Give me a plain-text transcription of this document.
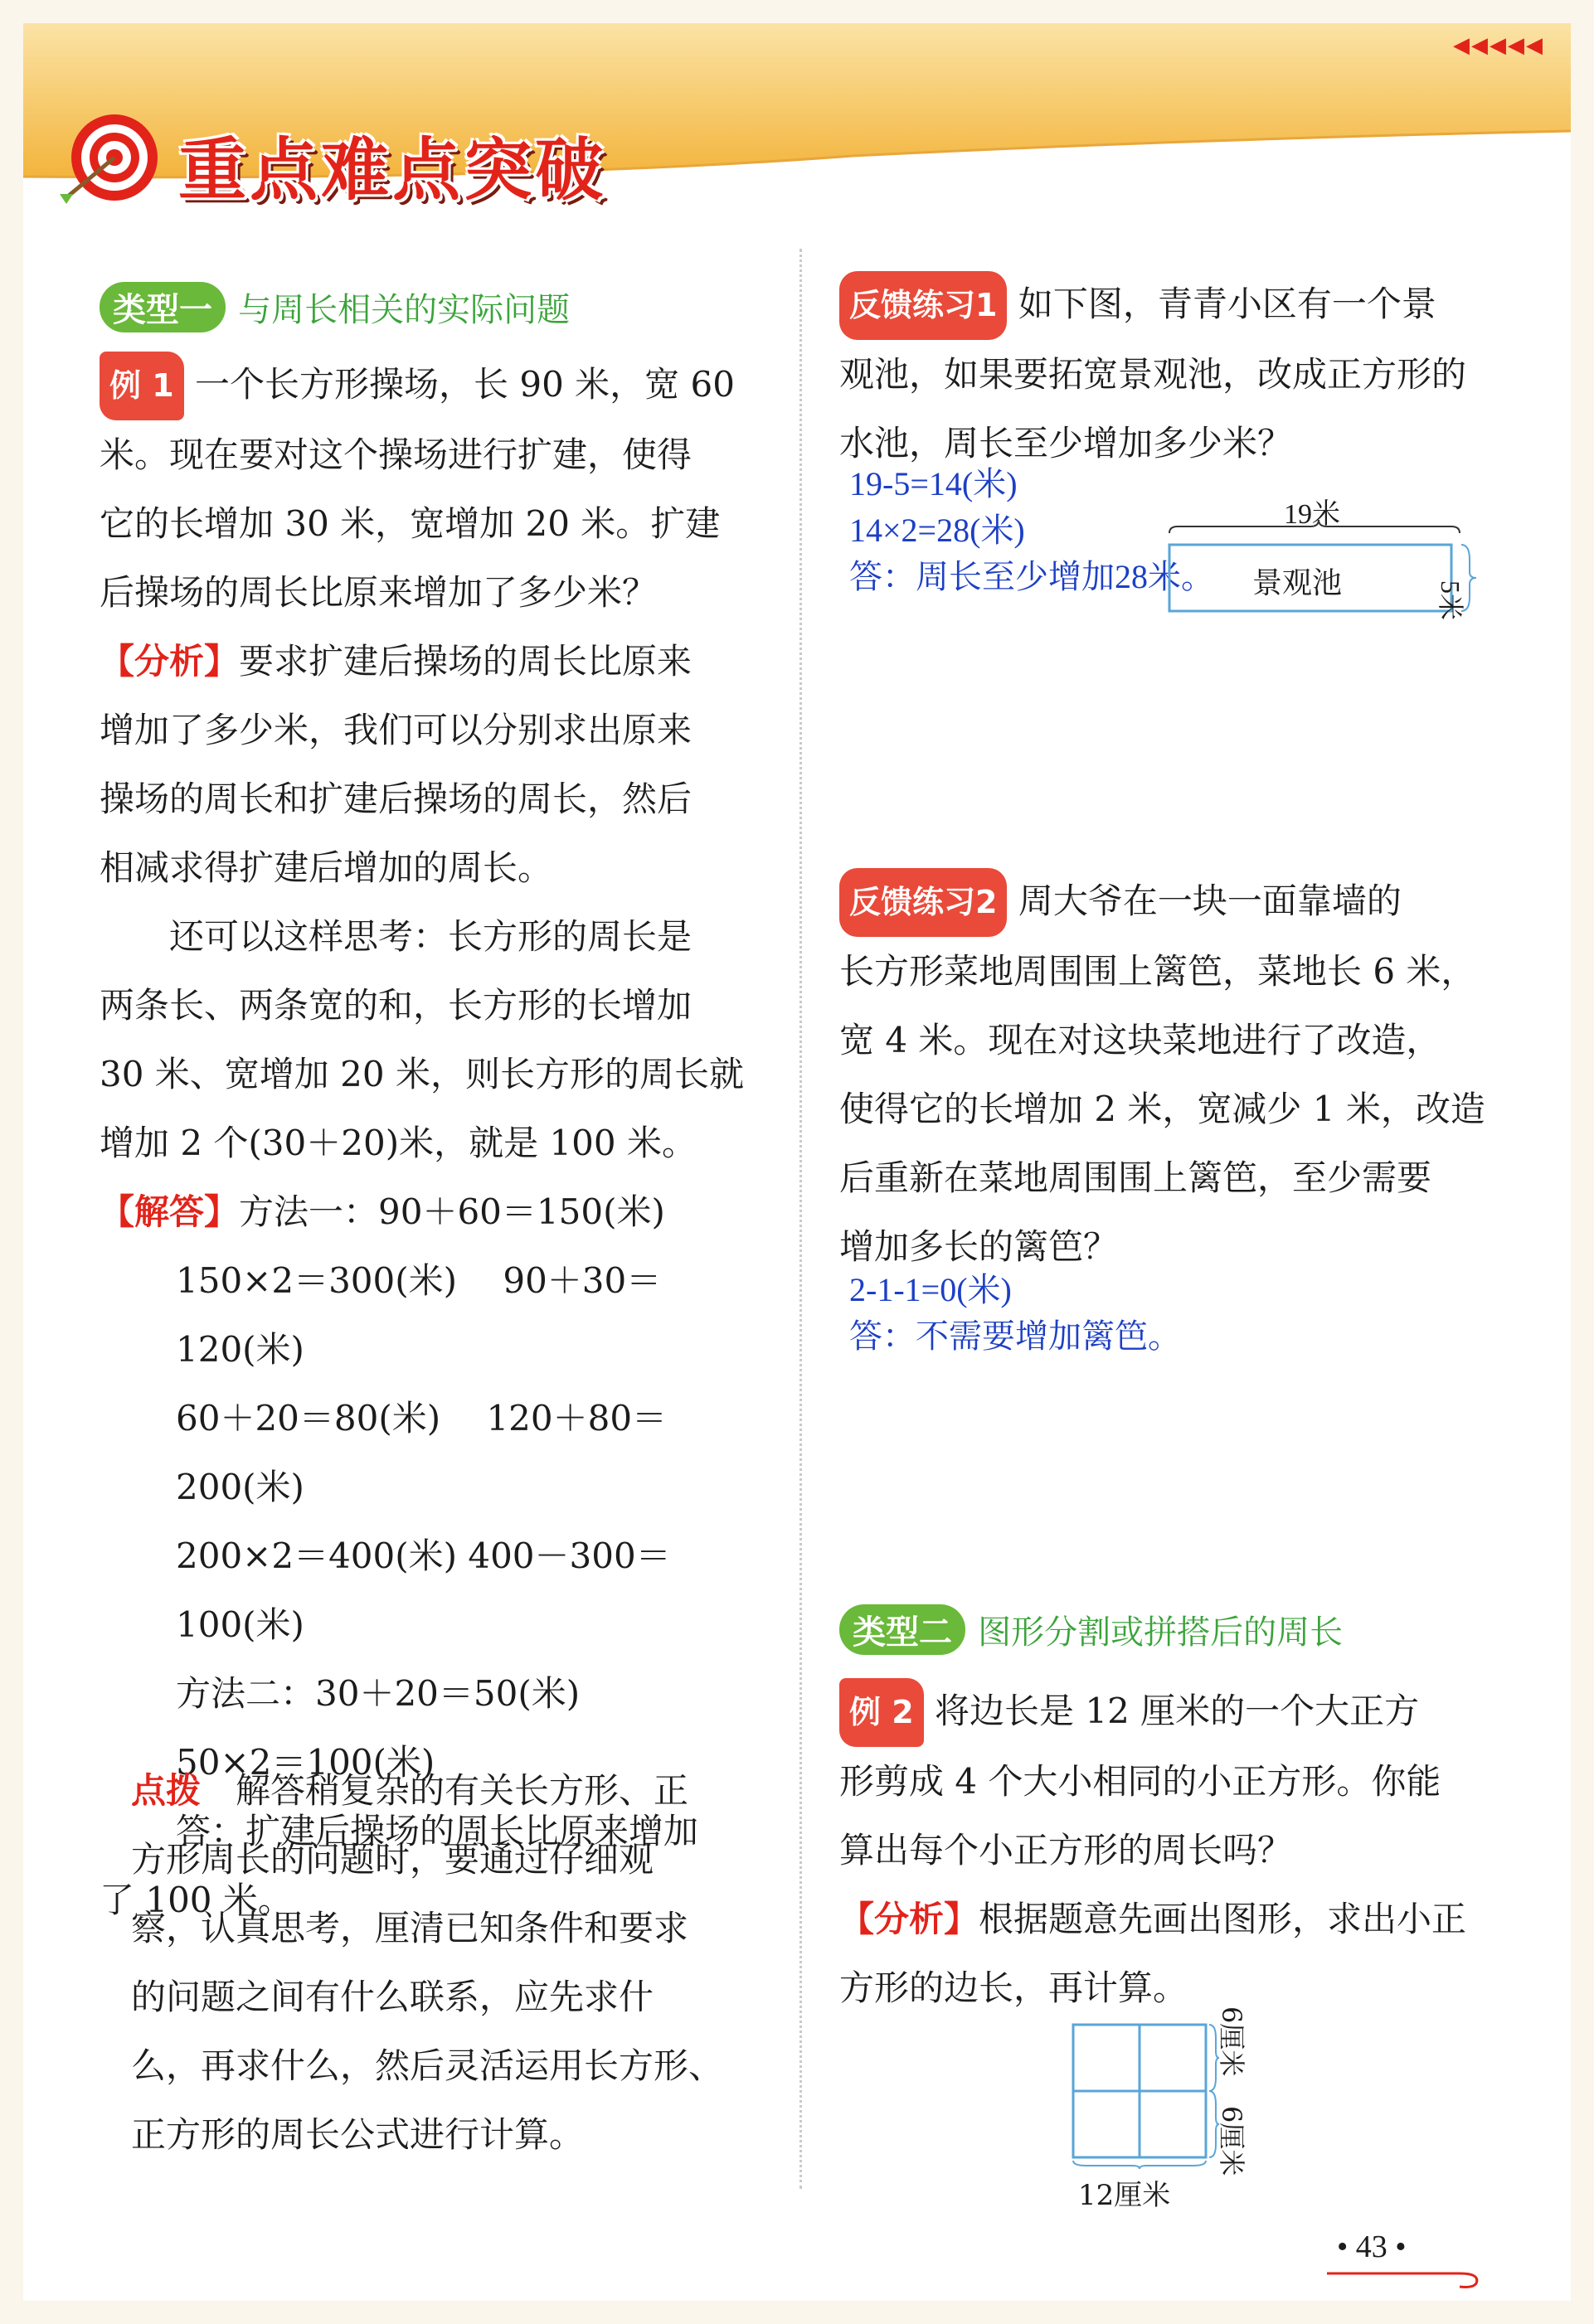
◀◀◀◀◀
重点难点突破
类型一 与周长相关的实际问题
例 1 一个长方形操场，长 90 米，宽 60
米。现在要对这个操场进行扩建，使得
它的长增加 30 米，宽增加 20 米。扩建
后操场的周长比原来增加了多少米？
【分析】要求扩建后操场的周长比原来
增加了多少米，我们可以分别求出原来
操场的周长和扩建后操场的周长，然后
相减求得扩建后增加的周长。
　　还可以这样思考：长方形的周长是
两条长、两条宽的和，长方形的长增加
30 米、宽增加 20 米，则长方形的周长就
增加 2 个(30＋20)米，就是 100 米。
【解答】方法一：90＋60＝150(米)
150×2＝300(米)　 90＋30＝120(米)
60＋20＝80(米)　 120＋80＝200(米)
200×2＝400(米) 400－300＝100(米)
方法二：30＋20＝50(米)
50×2＝100(米)
答：扩建后操场的周长比原来增加
了 100 米。
点拨　 解答稍复杂的有关长方形、正
方形周长的问题时，要通过仔细观
察，认真思考，厘清已知条件和要求
的问题之间有什么联系，应先求什
么，再求什么，然后灵活运用长方形、
正方形的周长公式进行计算。
反馈练习1 如下图，青青小区有一个景
观池，如果要拓宽景观池，改成正方形的
水池，周长至少增加多少米？
19-5=14(米)
14×2=28(米)
答：周长至少增加28米。
19米
景观池	5米
反馈练习2 周大爷在一块一面靠墙的
长方形菜地周围围上篱笆，菜地长 6 米，
宽 4 米。现在对这块菜地进行了改造，
使得它的长增加 2 米，宽减少 1 米，改造
后重新在菜地周围围上篱笆，至少需要
增加多长的篱笆？
2-1-1=0(米)
答：不需要增加篱笆。
类型二 图形分割或拼搭后的周长
例 2 将边长是 12 厘米的一个大正方
形剪成 4 个大小相同的小正方形。你能
算出每个小正方形的周长吗？
【分析】根据题意先画出图形，求出小正
方形的边长，再计算。
12厘米
6厘米
6厘米
• 43 •
